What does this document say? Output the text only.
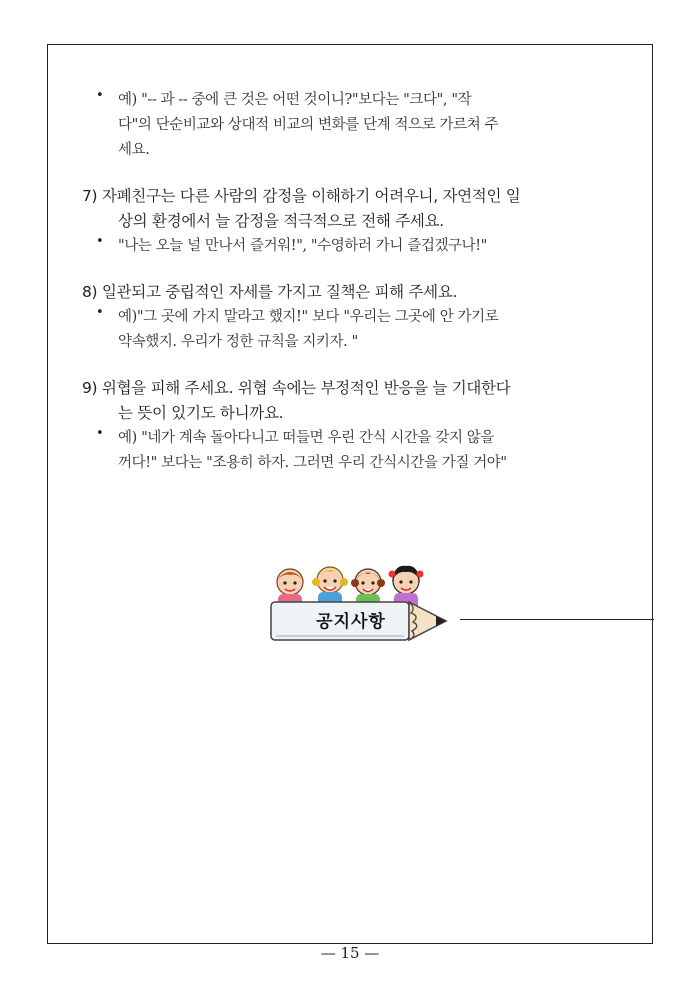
• 예) "-- 과 -- 중에 큰 것은 어떤 것이니?"보다는 "크다", "작
다"의 단순비교와 상대적 비교의 변화를 단계 적으로 가르쳐 주
세요.
7) 자폐친구는 다른 사람의 감정을 이해하기 어려우니, 자연적인 일
상의 환경에서 늘 감정을 적극적으로 전해 주세요.
• "나는 오늘 널 만나서 즐거워!", "수영하러 가니 즐겁겠구나!"
8) 일관되고 중립적인 자세를 가지고 질책은 피해 주세요.
• 예)"그 곳에 가지 말라고 했지!" 보다 "우리는 그곳에 안 가기로
약속했지. 우리가 정한 규칙을 지키자. "
9) 위협을 피해 주세요. 위협 속에는 부정적인 반응을 늘 기대한다
는 뜻이 있기도 하니까요.
• 예) "네가 계속 돌아다니고 떠들면 우린 간식 시간을 갖지 않을
꺼다!" 보다는 "조용히 하자. 그러면 우리 간식시간을 가질 거야"
공지사항
— 15 —
